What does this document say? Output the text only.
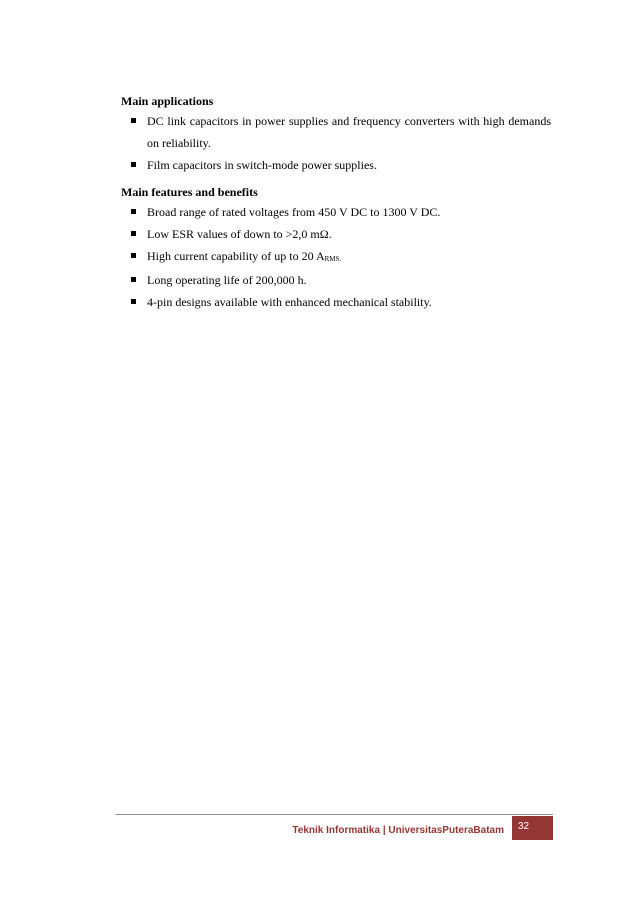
Main applications
DC link capacitors in power supplies and frequency converters with high demands on reliability.
Film capacitors in switch-mode power supplies.
Main features and benefits
Broad range of rated voltages from 450 V DC to 1300 V DC.
Low ESR values of down to >2,0 mΩ.
High current capability of up to 20 $A_{RMS.}$
Long operating life of 200,000 h.
4-pin designs available with enhanced mechanical stability.
Teknik Informatika | UniversitasPuteraBatam 32
